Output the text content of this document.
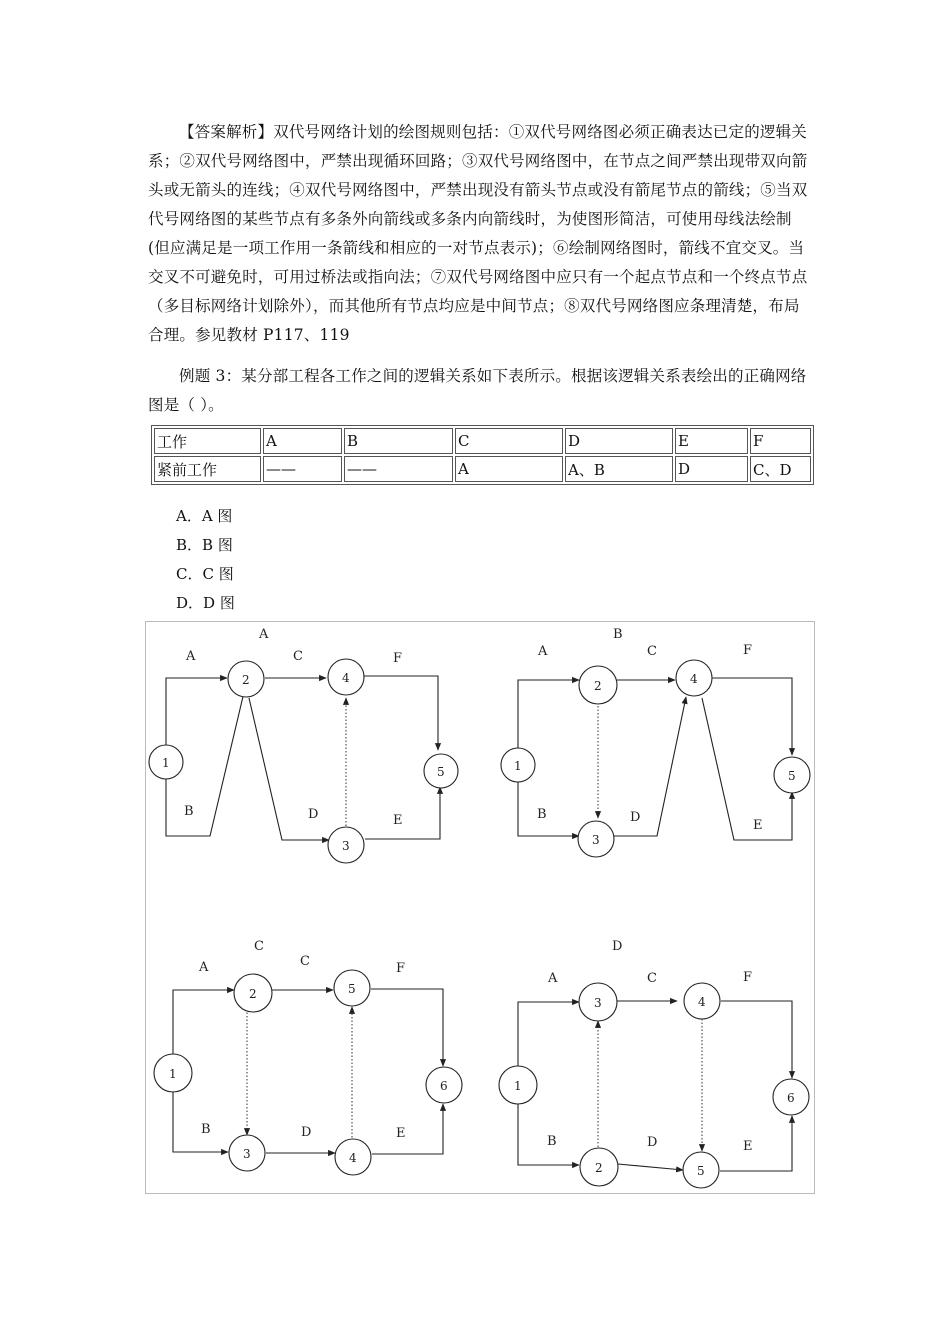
【答案解析】双代号网络计划的绘图规则包括：①双代号网络图必须正确表达已定的逻辑关系；②双代号网络图中，严禁出现循环回路；③双代号网络图中，在节点之间严禁出现带双向箭头或无箭头的连线；④双代号网络图中，严禁出现没有箭头节点或没有箭尾节点的箭线；⑤当双代号网络图的某些节点有多条外向箭线或多条内向箭线时，为使图形简洁，可使用母线法绘制(但应满足是一项工作用一条箭线和相应的一对节点表示)；⑥绘制网络图时，箭线不宜交叉。当交叉不可避免时，可用过桥法或指向法；⑦双代号网络图中应只有一个起点节点和一个终点节点（多目标网络计划除外），而其他所有节点均应是中间节点；⑧双代号网络图应条理清楚，布局合理。参见教材 P117、119

例题 3：某分部工程各工作之间的逻辑关系如下表所示。根据该逻辑关系表绘出的正确网络图是（ ）。

工作	A	B	C	D	E	F
紧前工作	——	——	A	A、B	D	C、D
A．A 图
B．B 图
C．C 图
D．D 图
A
1
2
3
4
5
A
B
C
D	E
F
B
1
2
3
4
5
A
B
C
D
E
F
C
1
2
3	4
5
6
A
B
C
D	E
F
D
1
2
3	4
5
6
A
B
C
D	E
F
